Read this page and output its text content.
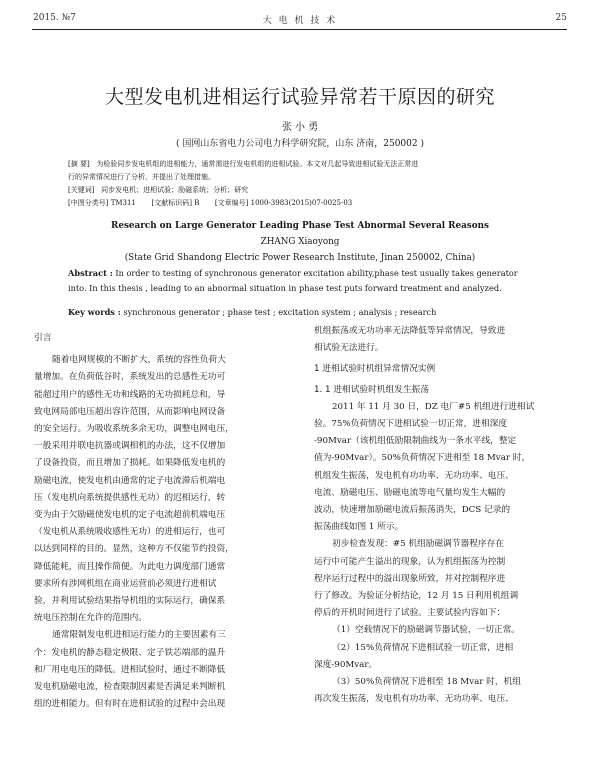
2015. №7	大 电 机 技 术	25
大型发电机进相运行试验异常若干原因的研究
张 小 勇
( 国网山东省电力公司电力科学研究院，山东 济南，250002 )
[摘 要] 为检验同步发电机组的进相能力，通常需进行发电机组的进相试验。本文对几起导致进相试验无法正常进
行的异常情况进行了分析，并提出了处理措施。
[关键词] 同步发电机；进相试验；励磁系统；分析；研究
[中图分类号] TM311 [文献标识码] B [文章编号] 1000-3983(2015)07-0025-03
Research on Large Generator Leading Phase Test Abnormal Several Reasons
ZHANG Xiaoyong
(State Grid Shandong Electric Power Research Institute, Jinan 250002, China)
Abstract : In order to testing of synchronous generator excitation ability,phase test usually takes generator into. In this thesis , leading to an abnormal situation in phase test puts forward treatment and analyzed.
Key words : synchronous generator ; phase test ; excitation system ; analysis ; research
引言
随着电网规模的不断扩大，系统的容性负荷大
量增加。在负荷低谷时，系统发出的总感性无功可
能超过用户的感性无功和线路的无功损耗总和，导
致电网局部电压超出容许范围，从而影响电网设备
的安全运行。为吸收系统多余无功，调整电网电压，
一般采用并联电抗器或调相机的办法，这不仅增加
了设备投资，而且增加了损耗。如果降低发电机的
励磁电流，使发电机由通常的定子电流滞后机端电
压（发电机向系统提供感性无功）的迟相运行，转
变为由于欠励磁使发电机的定子电流超前机端电压
（发电机从系统吸收感性无功）的进相运行，也可
以达到同样的目的。显然，这种方不仅能节约投资，
降低能耗，而且操作简便。为此电力调度部门通常
要求所有涉网机组在商业运营前必须进行进相试
验，并利用试验结果指导机组的实际运行，确保系
统电压控制在允许的范围内。
通常限制发电机进相运行能力的主要因素有三
个：发电机的静态稳定极限、定子铁芯端部的温升
和厂用电电压的降低。进相试验时，通过不断降低
发电机励磁电流，检查限制因素是否满足来判断机
组的进相能力。但有时在进相试验的过程中会出现
机组振荡或无功功率无法降低等异常情况，导致进
相试验无法进行。
1 进相试验时机组异常情况实例
1. 1 进相试验时机组发生振荡
2011 年 11 月 30 日，DZ 电厂#5 机组进行进相试
验。75%负荷情况下进相试验一切正常，进相深度
-90Mvar（该机组低励限制曲线为一条水平线，整定
值为-90Mvar）。50%负荷情况下进相至 18 Mvar 时，
机组发生振荡，发电机有功功率、无功功率、电压、
电流、励磁电压、励磁电流等电气量均发生大幅的
波动，快速增加励磁电流后振荡消失，DCS 记录的
振荡曲线如图 1 所示。
初步检查发现：#5 机组励磁调节器程序存在
运行中可能产生溢出的现象，认为机组振荡为控制
程序运行过程中的溢出现象所致，并对控制程序进
行了修改。为验证分析结论，12 月 15 日利用机组调
停后的开机时间进行了试验。主要试验内容如下：
（1）空载情况下的励磁调节器试验，一切正常。
（2）15%负荷情况下进相试验一切正常，进相
深度-90Mvar。
（3）50%负荷情况下进相至 18 Mvar 时，机组
再次发生振荡，发电机有功功率、无功功率、电压、
